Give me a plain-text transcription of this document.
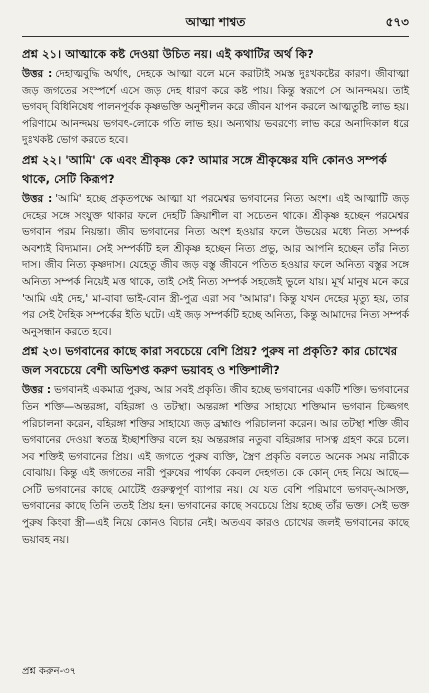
আত্মা শাশ্বত	৫৭৩
প্রশ্ন ২১। আত্মাকে কষ্ট দেওয়া উচিত নয়। এই কথাটির অর্থ কি?

উত্তর : দেহাত্মবুদ্ধি অর্থাৎ, দেহকে আত্মা বলে মনে করাটাই সমস্ত দুঃখকষ্টের কারণ। জীবাত্মা জড় জগতের সংস্পর্শে এসে জড় দেহ ধারণ করে কষ্ট পায়। কিন্তু স্বরূপে সে আনন্দময়। তাই ভগবদ্ বিধিনিষেধ পালনপূর্বক কৃষ্ণভক্তি অনুশীলন করে জীবন যাপন করলে আত্মতুষ্টি লাভ হয়। পরিণামে আনন্দময় ভগবৎ-লোকে গতি লাভ হয়। অন্যথায় ভবরণ্যে লাভ করে অনাদিকাল ধরে দুঃখকষ্ট ভোগ করতে হবে।

প্রশ্ন ২২। 'আমি' কে এবং শ্রীকৃষ্ণ কে? আমার সঙ্গে শ্রীকৃষ্ণের যদি কোনও সম্পর্ক থাকে, সেটি কিরূপ?

উত্তর : 'আমি' হচ্ছে প্রকৃতপক্ষে আত্মা যা পরমেশ্বর ভগবানের নিত্য অংশ। এই আত্মাটি জড় দেহের সঙ্গে সংযুক্ত থাকার ফলে দেহটি ক্রিয়াশীল বা সচেতন থাকে। শ্রীকৃষ্ণ হচ্ছেন পরমেশ্বর ভগবান পরম নিয়ন্তা। জীব ভগবানের নিত্য অংশ হওয়ার ফলে উভয়ের মধ্যে নিত্য সম্পর্ক অবশ্যই বিদ্যমান। সেই সম্পর্কটি হল শ্রীকৃষ্ণ হচ্ছেন নিত্য প্রভু, আর আপনি হচ্ছেন তাঁর নিত্য দাস। জীব নিত্য কৃষ্ণদাস। যেহেতু জীব জড় বস্তু জীবনে পতিত হওয়ার ফলে অনিত্য বস্তুর সঙ্গে অনিত্য সম্পর্ক নিয়েই মত্ত থাকে, তাই সেই নিত্য সম্পর্ক সহজেই ভুলে যায়। মূর্খ মানুষ মনে করে 'আমি এই দেহ,' মা-বাবা ভাই-বোন স্ত্রী-পুত্র এরা সব 'আমার'। কিন্তু যখন দেহের মৃত্যু হয়, তার পর সেই দৈহিক সম্পর্কের ইতি ঘটে। এই জড় সম্পর্কটি হচ্ছে অনিত্য, কিন্তু আমাদের নিত্য সম্পর্ক অনুসন্ধান করতে হবে।

প্রশ্ন ২৩। ভগবানের কাছে কারা সবচেয়ে বেশি প্রিয়? পুরুষ না প্রকৃতি? কার চোখের জল সবচেয়ে বেশী অভিশপ্ত করুণ ভয়াবহ ও শক্তিশালী?

উত্তর : ভগবানই একমাত্র পুরুষ, আর সবই প্রকৃতি। জীব হচ্ছে ভগবানের একটি শক্তি। ভগবানের তিন শক্তি—অন্তরঙ্গা, বহিরঙ্গা ও তটস্থা। অন্তরঙ্গা শক্তির সাহায্যে শক্তিমান ভগবান চিজ্জগৎ পরিচালনা করেন, বহিরঙ্গা শক্তির সাহায্যে জড় ব্রহ্মাণ্ড পরিচালনা করেন। আর তটস্থা শক্তি জীব ভগবানের দেওয়া স্বতন্ত্র ইচ্ছাশক্তির বলে হয় অন্তরঙ্গার নতুবা বহিরঙ্গার দাসত্ব গ্রহণ করে চলে। সব শক্তিই ভগবানের প্রিয়। এই জগতে পুরুষ ব্যক্তি, স্ত্রৈণ প্রকৃতি বলতে অনেক সময় নারীকে বোঝায়। কিন্তু এই জগতের নারী পুরুষের পার্থক্য কেবল দেহগত। কে কোন্ দেহ নিয়ে আছে—সেটি ভগবানের কাছে মোটেই গুরুত্বপূর্ণ ব্যাপার নয়। যে যত বেশি পরিমাণে ভগবদ্-আসক্ত, ভগবানের কাছে তিনি ততই প্রিয় হন। ভগবানের কাছে সবচেয়ে প্রিয় হচ্ছে তাঁর ভক্ত। সেই ভক্ত পুরুষ কিংবা স্ত্রী—এই নিয়ে কোনও বিচার নেই। অতএব কারও চোখের জলই ভগবানের কাছে ভয়াবহ নয়।

প্রশ্ন করুন-৩৭
